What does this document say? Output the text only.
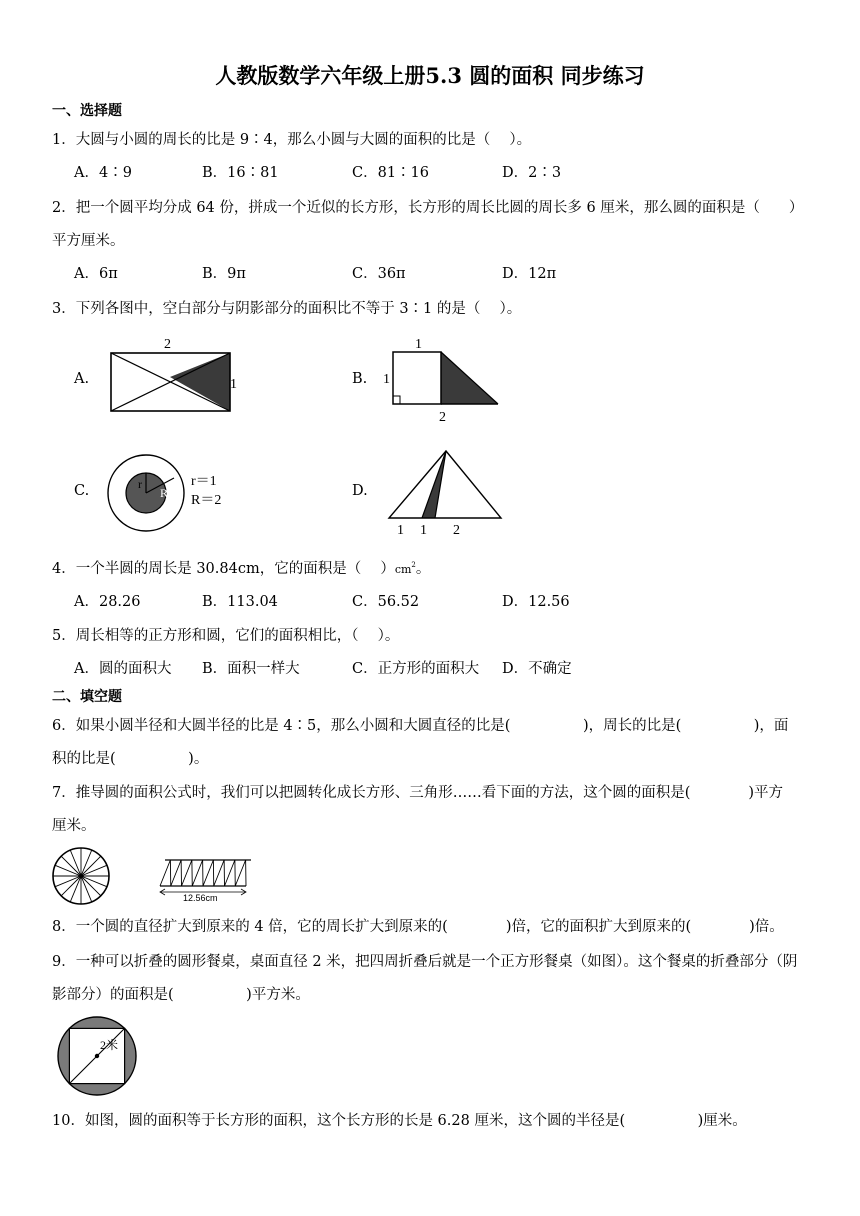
人教版数学六年级上册5.3 圆的面积 同步练习
一、选择题
1．大圆与小圆的周长的比是 9∶4，那么小圆与大圆的面积的比是（　 ）。
A．4∶9	B．16∶81	C．81∶16	D．2∶3
2．把一个圆平均分成 64 份，拼成一个近似的长方形，长方形的周长比圆的周长多 6 厘米，那么圆的面积是（　　）
平方厘米。
A．6π	B．9π	C．36π	D．12π
3．下列各图中，空白部分与阴影部分的面积比不等于 3∶1 的是（　 ）。
A.
2
1	B.
1
1
2
C.	r
R
r＝1
R＝2
D.
1 1 2
4．一个半圆的周长是 30.84cm，它的面积是（　 ）$cm^2$。
A．28.26	B．113.04	C．56.52	D．12.56
5．周长相等的正方形和圆，它们的面积相比，（　 ）。
A．圆的面积大 B．面积一样大	C．正方形的面积大 D．不确定
二、填空题
6．如果小圆半径和大圆半径的比是 4∶5，那么小圆和大圆直径的比是(　　　　　)，周长的比是(　　　　　)，面
积的比是(　　　　　)。
7．推导圆的面积公式时，我们可以把圆转化成长方形、三角形……看下面的方法，这个圆的面积是(　　　　)平方
厘米。
12.56cm
8．一个圆的直径扩大到原来的 4 倍，它的周长扩大到原来的(　　　　)倍，它的面积扩大到原来的(　　　　)倍。
9．一种可以折叠的圆形餐桌，桌面直径 2 米，把四周折叠后就是一个正方形餐桌（如图）。这个餐桌的折叠部分（阴
影部分）的面积是(　　　　　)平方米。
2米
10．如图，圆的面积等于长方形的面积，这个长方形的长是 6.28 厘米，这个圆的半径是(　　　　　)厘米。
